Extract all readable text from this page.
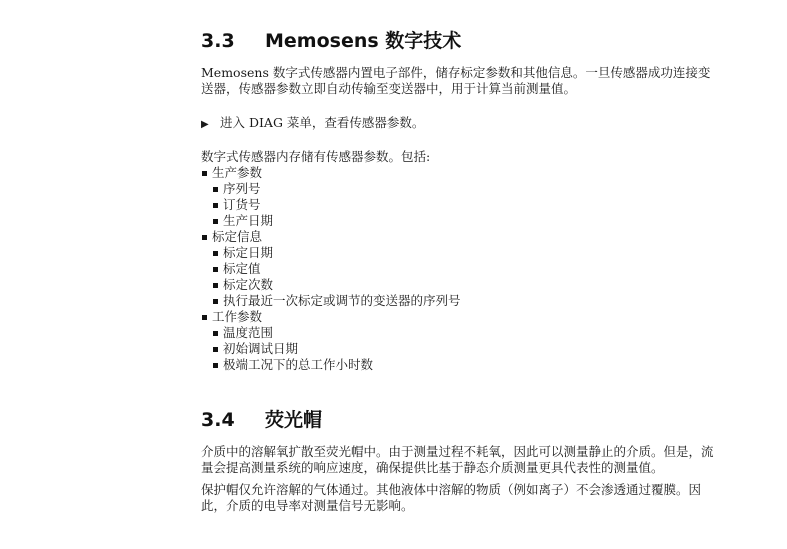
3.3	Memosens 数字技术

Memosens 数字式传感器内置电子部件，储存标定参数和其他信息。一旦传感器成功连接变送器，传感器参数立即自动传输至变送器中，用于计算当前测量值。

▶ 进入 DIAG 菜单，查看传感器参数。

数字式传感器内存储有传感器参数。包括:

生产参数
序列号
订货号
生产日期
标定信息
标定日期
标定值
标定次数
执行最近一次标定或调节的变送器的序列号
工作参数
温度范围
初始调试日期
极端工况下的总工作小时数
3.4	荧光帽

介质中的溶解氧扩散至荧光帽中。由于测量过程不耗氧，因此可以测量静止的介质。但是，流量会提高测量系统的响应速度，确保提供比基于静态介质测量更具代表性的测量值。

保护帽仅允许溶解的气体通过。其他液体中溶解的物质（例如离子）不会渗透通过覆膜。因此，介质的电导率对测量信号无影响。
